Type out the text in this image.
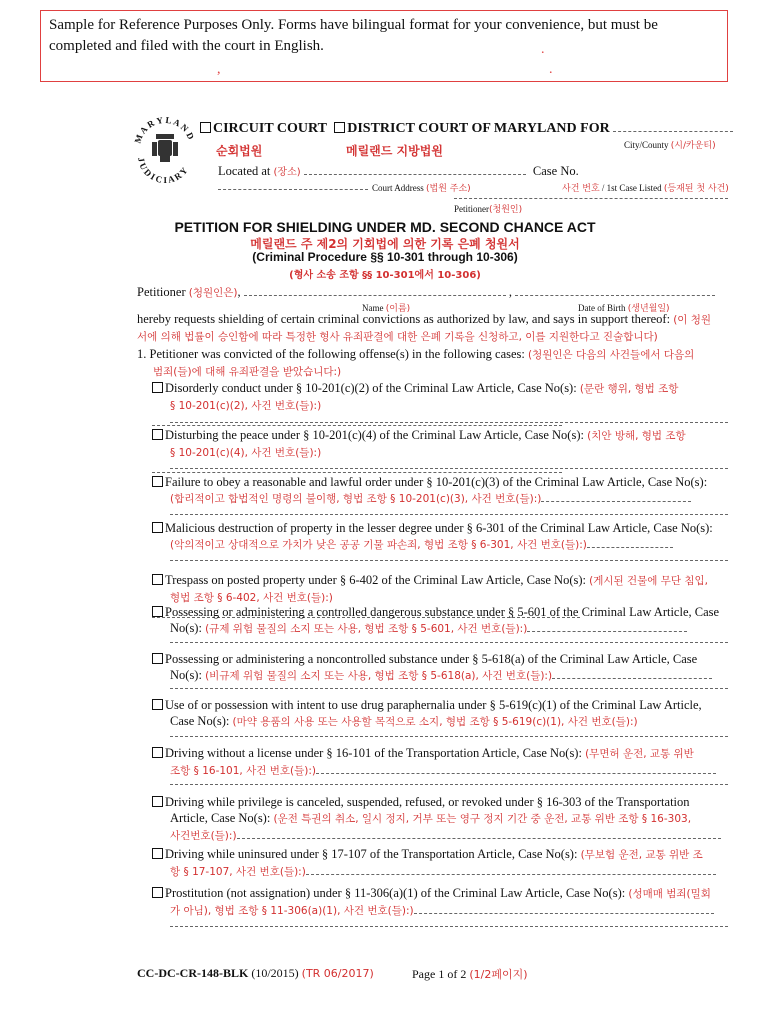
Sample for Reference Purposes Only. Forms have bilingual format for your convenience, but must be
completed and filed with the court in English.	.
,	.
M A R Y L A N D
J U D I C I A R Y
CIRCUIT COURT DISTRICT COURT OF MARYLAND FOR
순회법원	메릴랜드 지방법원	City/County (시/카운티)
Located at (장소)	Case No.
Court Address (법원 주소)	사건 번호 / 1st Case Listed (등재된 첫 사건)
Petitioner(청원인)
PETITION FOR SHIELDING UNDER MD. SECOND CHANCE ACT
메릴랜드 주 제2의 기회법에 의한 기록 은폐 청원서
(Criminal Procedure §§ 10-301 through 10-306)
(형사 소송 조항 §§ 10-301에서 10-306)
Petitioner (청원인은),	,
Name (이름)	Date of Birth (생년월일)
hereby requests shielding of certain criminal convictions as authorized by law, and says in support thereof: (이 청원
서에 의해 법률이 승인함에 따라 특정한 형사 유죄판결에 대한 은폐 기록을 신청하고, 이를 지원한다고 진술합니다)
1. Petitioner was convicted of the following offense(s) in the following cases: (청원인은 다음의 사건들에서 다음의
범죄(들)에 대해 유죄판결을 받았습니다:)
Disorderly conduct under § 10-201(c)(2) of the Criminal Law Article, Case No(s): (문란 행위, 형법 조항
§ 10-201(c)(2), 사건 번호(들):)
Disturbing the peace under § 10-201(c)(4) of the Criminal Law Article, Case No(s): (치안 방해, 형법 조항
§ 10-201(c)(4), 사건 번호(들):)
Failure to obey a reasonable and lawful order under § 10-201(c)(3) of the Criminal Law Article, Case No(s):
(합리적이고 합법적인 명령의 불이행, 형법 조항 § 10-201(c)(3), 사건 번호(들):)
Malicious destruction of property in the lesser degree under § 6-301 of the Criminal Law Article, Case No(s):
(악의적이고 상대적으로 가치가 낮은 공공 기물 파손죄, 형법 조항 § 6-301, 사건 번호(들):)
Trespass on posted property under § 6-402 of the Criminal Law Article, Case No(s): (게시된 건물에 무단 침입,
형법 조항 § 6-402, 사건 번호(들):)
Possessing or administering a controlled dangerous substance under § 5-601 of the Criminal Law Article, Case
No(s): (규제 위험 물질의 소지 또는 사용, 형법 조항 § 5-601, 사건 번호(들):)
Possessing or administering a noncontrolled substance under § 5-618(a) of the Criminal Law Article, Case
No(s): (비규제 위험 물질의 소지 또는 사용, 형법 조항 § 5-618(a), 사건 번호(들):)
Use of or possession with intent to use drug paraphernalia under § 5-619(c)(1) of the Criminal Law Article,
Case No(s): (마약 용품의 사용 또는 사용할 목적으로 소지, 형법 조항 § 5-619(c)(1), 사건 번호(들):)
Driving without a license under § 16-101 of the Transportation Article, Case No(s): (무면허 운전, 교통 위반
조항 § 16-101, 사건 번호(들):)
Driving while privilege is canceled, suspended, refused, or revoked under § 16-303 of the Transportation
Article, Case No(s): (운전 특권의 취소, 일시 정지, 거부 또는 영구 정지 기간 중 운전, 교통 위반 조항 § 16-303,
사건번호(들):)
Driving while uninsured under § 17-107 of the Transportation Article, Case No(s): (무보험 운전, 교통 위반 조
항 § 17-107, 사건 번호(들):)
Prostitution (not assignation) under § 11-306(a)(1) of the Criminal Law Article, Case No(s): (성매매 범죄(밀회
가 아님), 형법 조항 § 11-306(a)(1), 사건 번호(들):)
CC-DC-CR-148-BLK (10/2015) (TR 06/2017)	Page 1 of 2 (1/2페이지)
